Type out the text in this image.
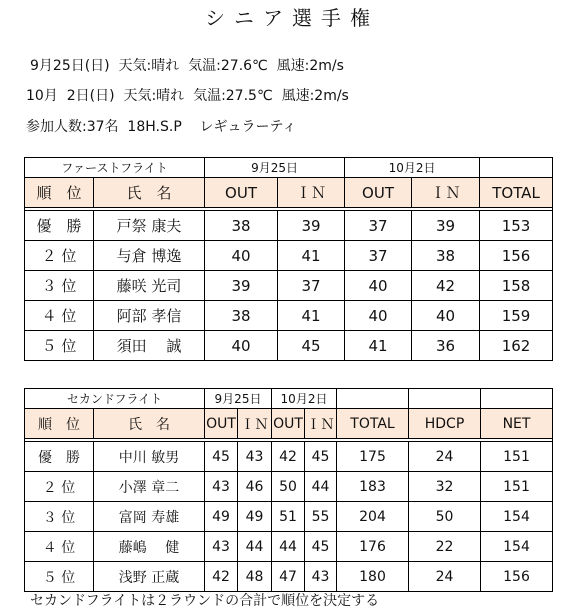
シニア選手権
9月25日(日)  天気:晴れ  気温:27.6℃  風速:2m/s
10月  2日(日)  天気:晴れ  気温:27.5℃  風速:2m/s
参加人数:37名  18H.S.P    レギュラーティ
ファーストフライト		9月25日		10月2日		
順　位	氏　名	OUT	ＩＮ	OUT	ＩＮ	TOTAL

優　勝	戸祭 康夫	38	39	37	39	153
２ 位	与倉 博逸	40	41	37	38	156
３ 位	藤咲 光司	39	37	40	42	158
４ 位	阿部 孝信	38	41	40	40	159
５ 位	須田　 誠	40	45	41	36	162
セカンドフライト		9月25日		10月2日				
順　位	氏　名	OUT	ＩＮ	OUT	ＩＮ	TOTAL	HDCP	NET

優　勝	中川 敏男	45	43	42	45	175	24	151
２ 位	小澤 章二	43	46	50	44	183	32	151
３ 位	富岡 寿雄	49	49	51	55	204	50	154
４ 位	藤嶋　 健	43	44	44	45	176	22	154
５ 位	浅野 正蔵	42	48	47	43	180	24	156
セカンドフライトは２ラウンドの合計で順位を決定する
